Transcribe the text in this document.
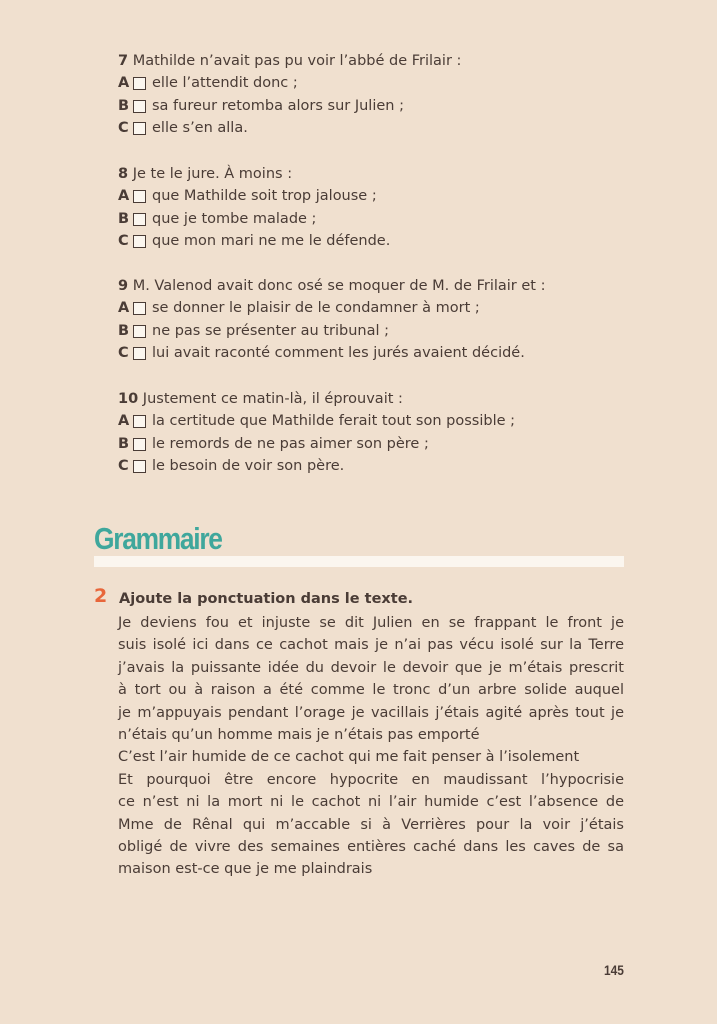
7 Mathilde n’avait pas pu voir l’abbé de Frilair :
A elle l’attendit donc ;
B sa fureur retomba alors sur Julien ;
C elle s’en alla.
8 Je te le jure. À moins :
A que Mathilde soit trop jalouse ;
B que je tombe malade ;
C que mon mari ne me le défende.
9 M. Valenod avait donc osé se moquer de M. de Frilair et :
A se donner le plaisir de le condamner à mort ;
B ne pas se présenter au tribunal ;
C lui avait raconté comment les jurés avaient décidé.
10 Justement ce matin-là, il éprouvait :
A la certitude que Mathilde ferait tout son possible ;
B le remords de ne pas aimer son père ;
C le besoin de voir son père.
Grammaire
2 Ajoute la ponctuation dans le texte.
Je deviens fou et injuste se dit Julien en se frappant le front je
suis isolé ici dans ce cachot mais je n’ai pas vécu isolé sur la Terre
j’avais la puissante idée du devoir le devoir que je m’étais prescrit
à tort ou à raison a été comme le tronc d’un arbre solide auquel
je m’appuyais pendant l’orage je vacillais j’étais agité après tout je
n’étais qu’un homme mais je n’étais pas emporté
C’est l’air humide de ce cachot qui me fait penser à l’isolement
Et pourquoi être encore hypocrite en maudissant l’hypocrisie
ce n’est ni la mort ni le cachot ni l’air humide c’est l’absence de
Mme de Rênal qui m’accable si à Verrières pour la voir j’étais
obligé de vivre des semaines entières caché dans les caves de sa
maison est-ce que je me plaindrais
145
